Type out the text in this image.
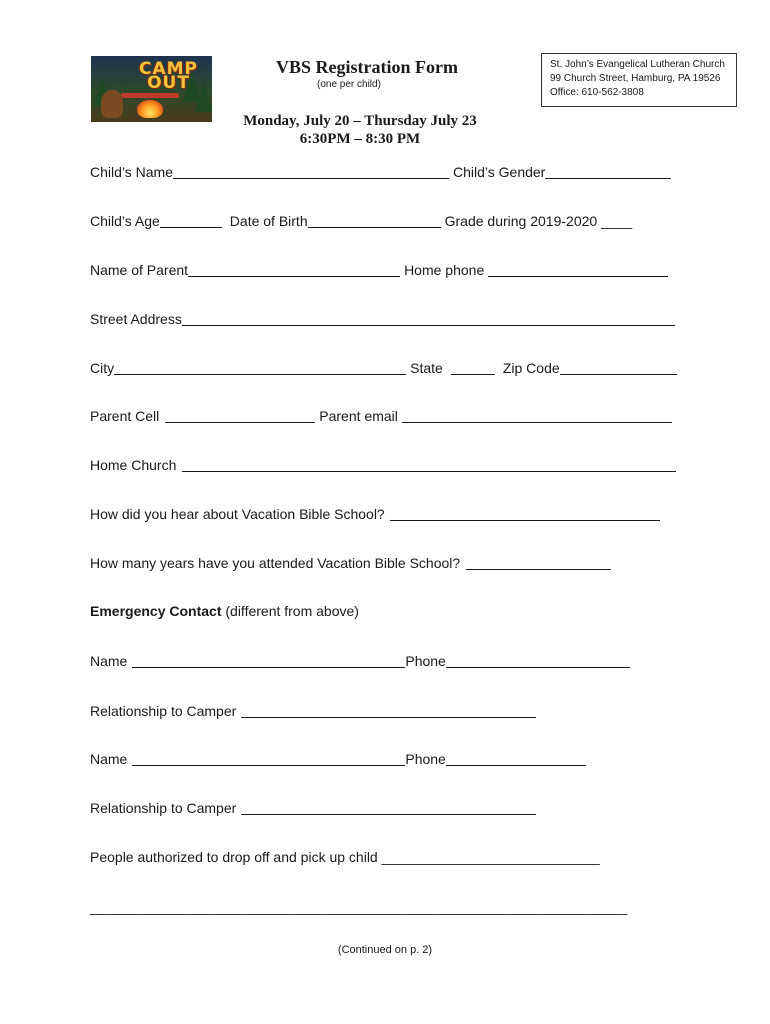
CAMP OUT
VBS Registration Form
(one per child)
St. John’s Evangelical Lutheran Church
99 Church Street, Hamburg, PA 19526
Office: 610-562-3808
Monday, July 20 – Thursday July 23
6:30PM – 8:30 PM
Child’s Name	Child’s Gender
Child’s Age	Date of Birth	Grade during 2019-2020 ____
Name of Parent	Home phone
Street Address
City	State	Zip Code
Parent Cell	Parent email
Home Church
How did you hear about Vacation Bible School?
How many years have you attended Vacation Bible School?
Emergency Contact (different from above)
Name	Phone
Relationship to Camper
Name	Phone
Relationship to Camper
People authorized to drop off and pick up child ____________________________
_____________________________________________________________________
(Continued on p. 2)
